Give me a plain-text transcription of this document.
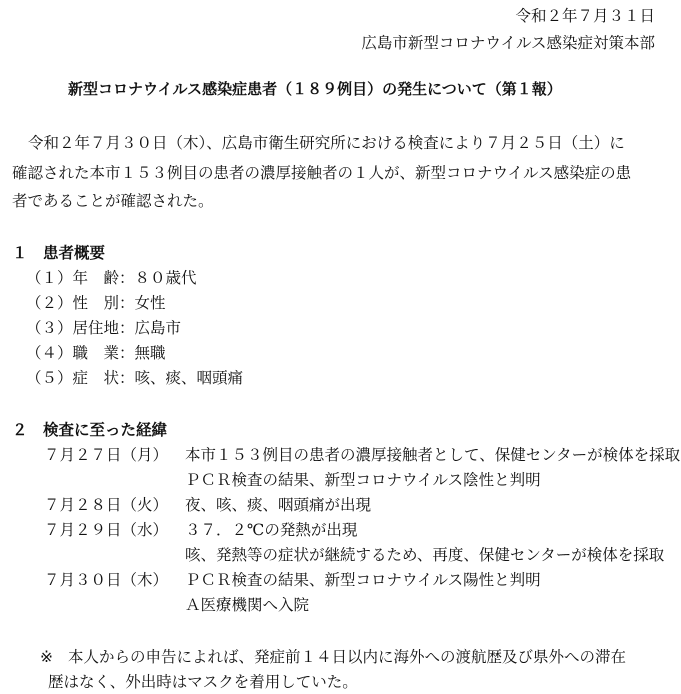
令和２年７月３１日
広島市新型コロナウイルス感染症対策本部
新型コロナウイルス感染症患者（１８９例目）の発生について（第１報）
令和２年７月３０日（木）、広島市衛生研究所における検査により７月２５日（土）に
確認された本市１５３例目の患者の濃厚接触者の１人が、新型コロナウイルス感染症の患
者であることが確認された。
１　患者概要
（１）年　齢：８０歳代
（２）性　別：女性
（３）居住地：広島市
（４）職　業：無職
（５）症　状：咳、痰、咽頭痛
２　検査に至った経緯
７月２７日（月） 本市１５３例目の患者の濃厚接触者として、保健センターが検体を採取
ＰＣＲ検査の結果、新型コロナウイルス陰性と判明
７月２８日（火） 夜、咳、痰、咽頭痛が出現
７月２９日（水） ３７．２℃の発熱が出現
咳、発熱等の症状が継続するため、再度、保健センターが検体を採取
７月３０日（木） ＰＣＲ検査の結果、新型コロナウイルス陽性と判明
Ａ医療機関へ入院
※ 本人からの申告によれば、発症前１４日以内に海外への渡航歴及び県外への滞在
歴はなく、外出時はマスクを着用していた。
